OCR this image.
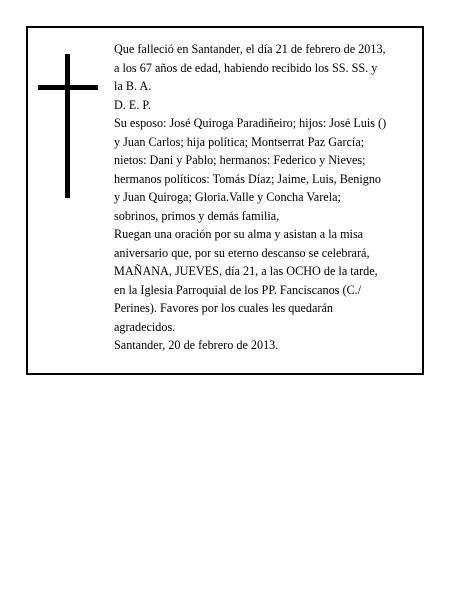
Que falleció en Santander, el día 21 de febrero de 2013,
a los 67 años de edad, habiendo recibido los SS. SS. y
la B. A.
D. E. P.
Su esposo: José Quiroga Paradiñeiro; hijos: José Luis ()
y Juan Carlos; hija política; Montserrat Paz García;
nietos: Dani y Pablo; hermanos: Federico y Nieves;
hermanos políticos: Tomás Díaz; Jaime, Luis, Benigno
y Juan Quiroga; Gloria.Valle y Concha Varela;
sobrinos, primos y demás familia,
Ruegan una oración por su alma y asistan a la misa
aniversario que, por su eterno descanso se celebrará,
MAÑANA, JUEVES, día 21, a las OCHO de la tarde,
en la Iglesia Parroquial de los PP. Fanciscanos (C./
Perines). Favores por los cuales les quedarán
agradecidos.
Santander, 20 de febrero de 2013.
